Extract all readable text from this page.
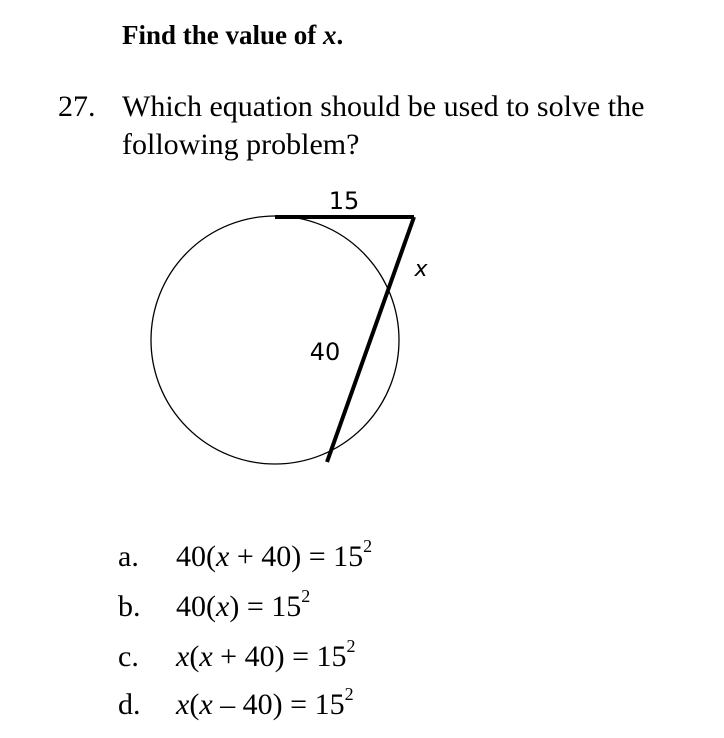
Find the value of x.
27. Which equation should be used to solve the following problem?
15
x
40
a. $40(x + 40) = 15^2$
b. $40(x) = 15^2$
c. $x(x + 40) = 15^2$
d. $x(x - 40) = 15^2$
